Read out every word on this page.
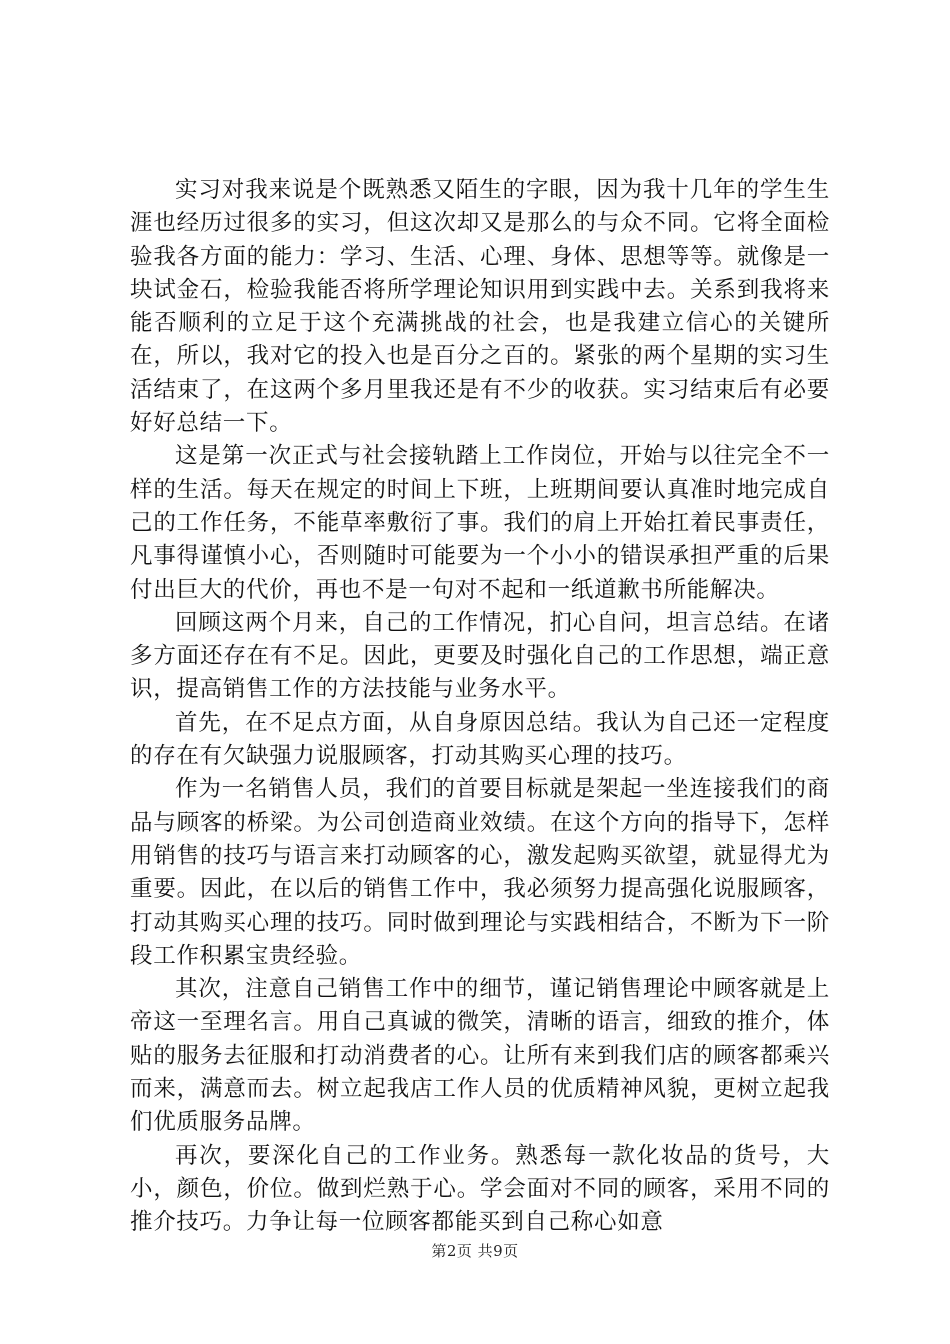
实习对我来说是个既熟悉又陌生的字眼，因为我十几年的学生生涯也经历过很多的实习，但这次却又是那么的与众不同。它将全面检验我各方面的能力：学习、生活、心理、身体、思想等等。就像是一块试金石，检验我能否将所学理论知识用到实践中去。关系到我将来能否顺利的立足于这个充满挑战的社会，也是我建立信心的关键所在，所以，我对它的投入也是百分之百的。紧张的两个星期的实习生活结束了，在这两个多月里我还是有不少的收获。实习结束后有必要好好总结一下。

这是第一次正式与社会接轨踏上工作岗位，开始与以往完全不一样的生活。每天在规定的时间上下班，上班期间要认真准时地完成自己的工作任务，不能草率敷衍了事。我们的肩上开始扛着民事责任，凡事得谨慎小心，否则随时可能要为一个小小的错误承担严重的后果付出巨大的代价，再也不是一句对不起和一纸道歉书所能解决。

回顾这两个月来，自己的工作情况，扪心自问，坦言总结。在诸多方面还存在有不足。因此，更要及时强化自己的工作思想，端正意识，提高销售工作的方法技能与业务水平。

首先，在不足点方面，从自身原因总结。我认为自己还一定程度的存在有欠缺强力说服顾客，打动其购买心理的技巧。

作为一名销售人员，我们的首要目标就是架起一坐连接我们的商品与顾客的桥梁。为公司创造商业效绩。在这个方向的指导下，怎样用销售的技巧与语言来打动顾客的心，激发起购买欲望，就显得尤为重要。因此，在以后的销售工作中，我必须努力提高强化说服顾客，打动其购买心理的技巧。同时做到理论与实践相结合，不断为下一阶段工作积累宝贵经验。

其次，注意自己销售工作中的细节，谨记销售理论中顾客就是上帝这一至理名言。用自己真诚的微笑，清晰的语言，细致的推介，体贴的服务去征服和打动消费者的心。让所有来到我们店的顾客都乘兴而来，满意而去。树立起我店工作人员的优质精神风貌，更树立起我们优质服务品牌。

再次，要深化自己的工作业务。熟悉每一款化妆品的货号，大小，颜色，价位。做到烂熟于心。学会面对不同的顾客，采用不同的推介技巧。力争让每一位顾客都能买到自己称心如意

第2页 共9页
